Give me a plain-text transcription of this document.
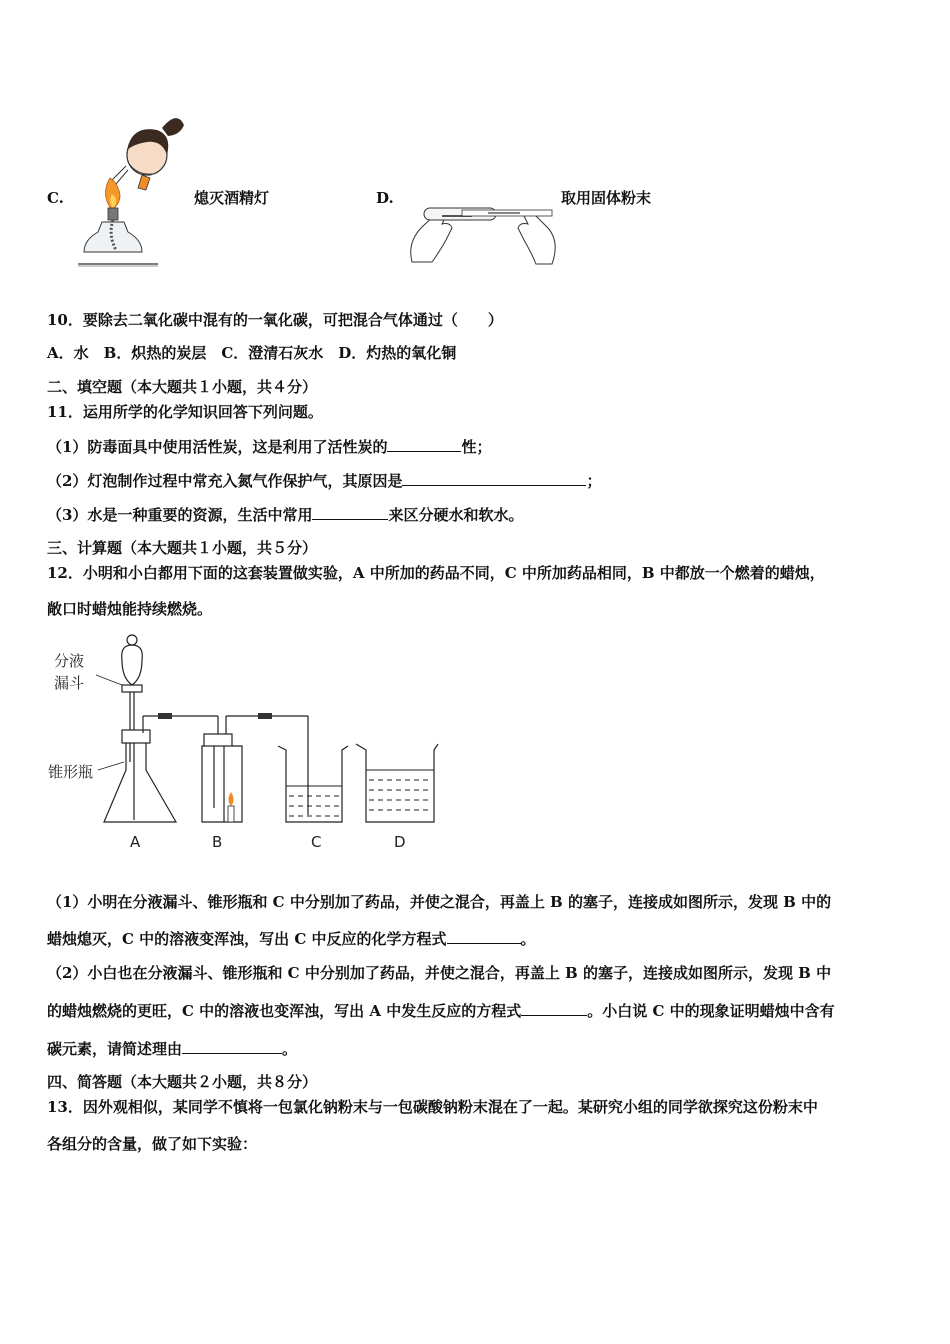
C.	熄灭酒精灯	D.	取用固体粉末
10．要除去二氧化碳中混有的一氧化碳，可把混合气体通过（　　）
A．水　B．炽热的炭层　C．澄清石灰水　D．灼热的氧化铜
二、填空题（本大题共１小题，共４分）
11．运用所学的化学知识回答下列问题。
（1）防毒面具中使用活性炭，这是利用了活性炭的	性；
（2）灯泡制作过程中常充入氮气作保护气，其原因是	；
（3）水是一种重要的资源，生活中常用	来区分硬水和软水。
三、计算题（本大题共１小题，共５分）
12．小明和小白都用下面的这套装置做实验，A 中所加的药品不同，C 中所加药品相同，B 中都放一个燃着的蜡烛，
敞口时蜡烛能持续燃烧。
分液
漏斗
锥形瓶
A	B	C	D
（1）小明在分液漏斗、锥形瓶和 C 中分别加了药品，并使之混合，再盖上 B 的塞子，连接成如图所示，发现 B 中的
蜡烛熄灭，C 中的溶液变浑浊，写出 C 中反应的化学方程式	。
（2）小白也在分液漏斗、锥形瓶和 C 中分别加了药品，并使之混合，再盖上 B 的塞子，连接成如图所示，发现 B 中
的蜡烛燃烧的更旺，C 中的溶液也变浑浊，写出 A 中发生反应的方程式	。小白说 C 中的现象证明蜡烛中含有
碳元素，请简述理由	。
四、简答题（本大题共２小题，共８分）
13．因外观相似，某同学不慎将一包氯化钠粉末与一包碳酸钠粉末混在了一起。某研究小组的同学欲探究这份粉末中
各组分的含量，做了如下实验：
